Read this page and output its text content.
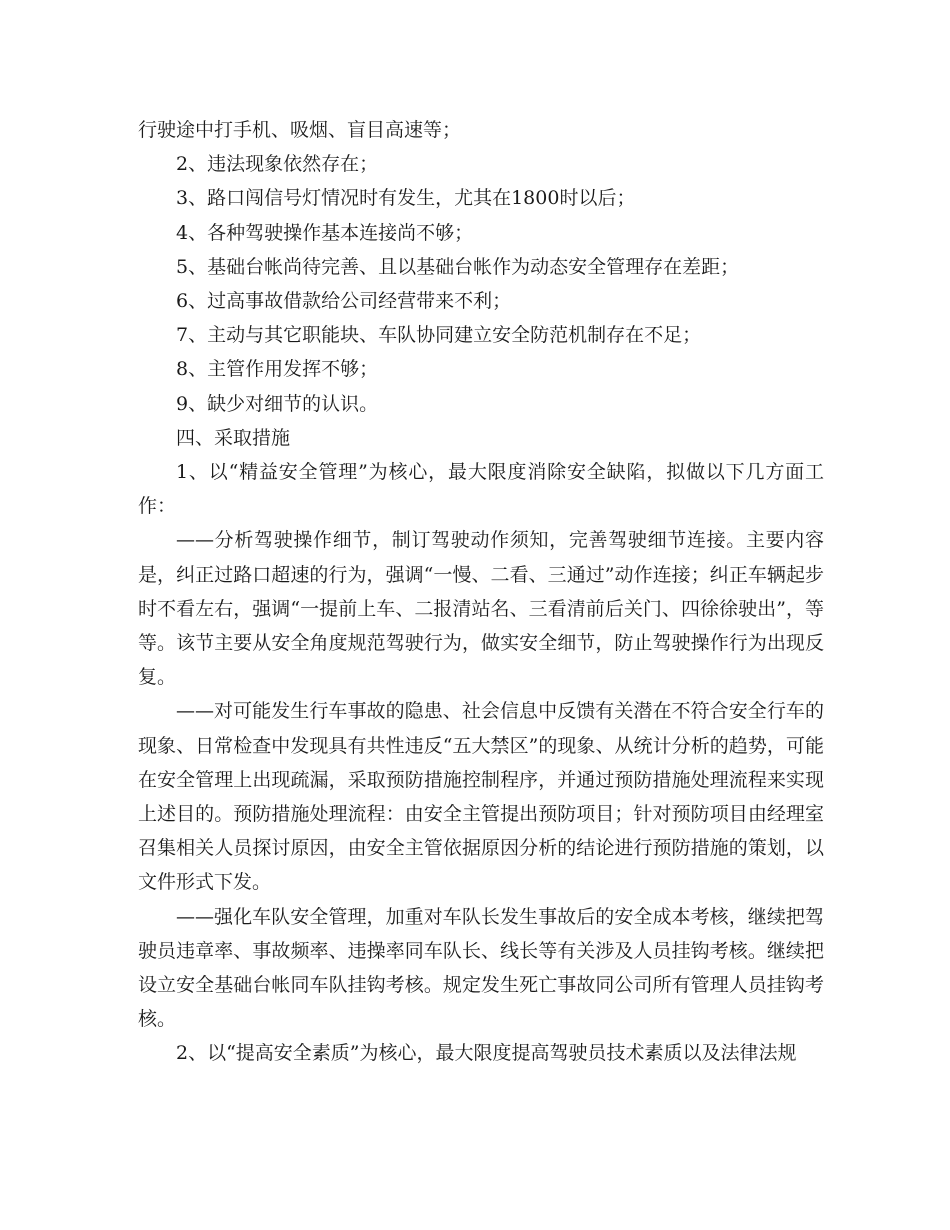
行驶途中打手机、吸烟、盲目高速等；

2、违法现象依然存在；

3、路口闯信号灯情况时有发生，尤其在1800时以后；

4、各种驾驶操作基本连接尚不够；

5、基础台帐尚待完善、且以基础台帐作为动态安全管理存在差距；

6、过高事故借款给公司经营带来不利；

7、主动与其它职能块、车队协同建立安全防范机制存在不足；

8、主管作用发挥不够；

9、缺少对细节的认识。

四、采取措施

1、以“精益安全管理”为核心，最大限度消除安全缺陷，拟做以下几方面工作：

——分析驾驶操作细节，制订驾驶动作须知，完善驾驶细节连接。主要内容是，纠正过路口超速的行为，强调“一慢、二看、三通过”动作连接；纠正车辆起步时不看左右，强调“一提前上车、二报清站名、三看清前后关门、四徐徐驶出”，等等。该节主要从安全角度规范驾驶行为，做实安全细节，防止驾驶操作行为出现反复。

——对可能发生行车事故的隐患、社会信息中反馈有关潜在不符合安全行车的现象、日常检查中发现具有共性违反“五大禁区”的现象、从统计分析的趋势，可能在安全管理上出现疏漏，采取预防措施控制程序，并通过预防措施处理流程来实现上述目的。预防措施处理流程：由安全主管提出预防项目；针对预防项目由经理室召集相关人员探讨原因，由安全主管依据原因分析的结论进行预防措施的策划，以文件形式下发。

——强化车队安全管理，加重对车队长发生事故后的安全成本考核，继续把驾驶员违章率、事故频率、违操率同车队长、线长等有关涉及人员挂钩考核。继续把设立安全基础台帐同车队挂钩考核。规定发生死亡事故同公司所有管理人员挂钩考核。

2、以“提高安全素质”为核心，最大限度提高驾驶员技术素质以及法律法规
